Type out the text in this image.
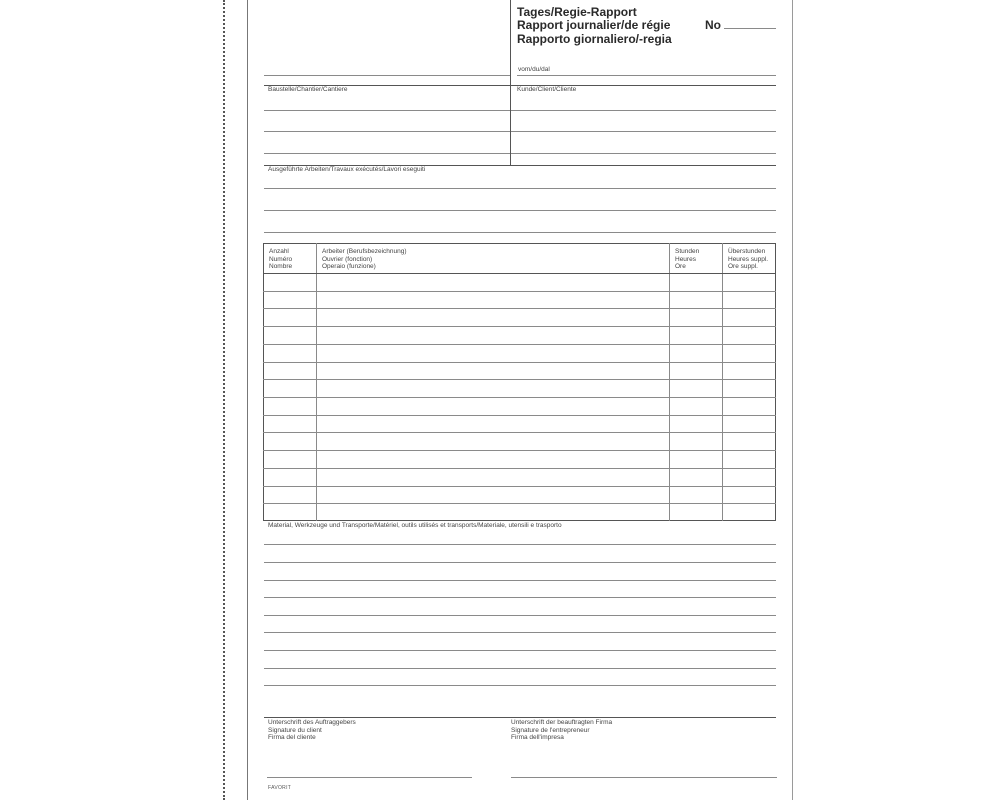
Tages/Regie-Rapport
Rapport journalier/de régie
Rapporto giornaliero/-regia
No
vom/du/dal
Baustelle/Chantier/Cantiere	Kunde/Client/Cliente
Ausgeführte Arbeiten/Travaux exécutés/Lavori eseguiti
Anzahl
Numéro
Nombre
Arbeiter (Berufsbezeichnung)
Ouvrier (fonction)
Operaio (funzione)
Stunden
Heures
Ore
Überstunden
Heures suppl.
Ore suppl.
Material, Werkzeuge und Transporte/Matériel, outils utilisés et transports/Materiale, utensili e trasporto
Unterschrift des Auftraggebers
Signature du client
Firma del cliente
Unterschrift der beauftragten Firma
Signature de l'entrepreneur
Firma dell'impresa
FAVORIT
